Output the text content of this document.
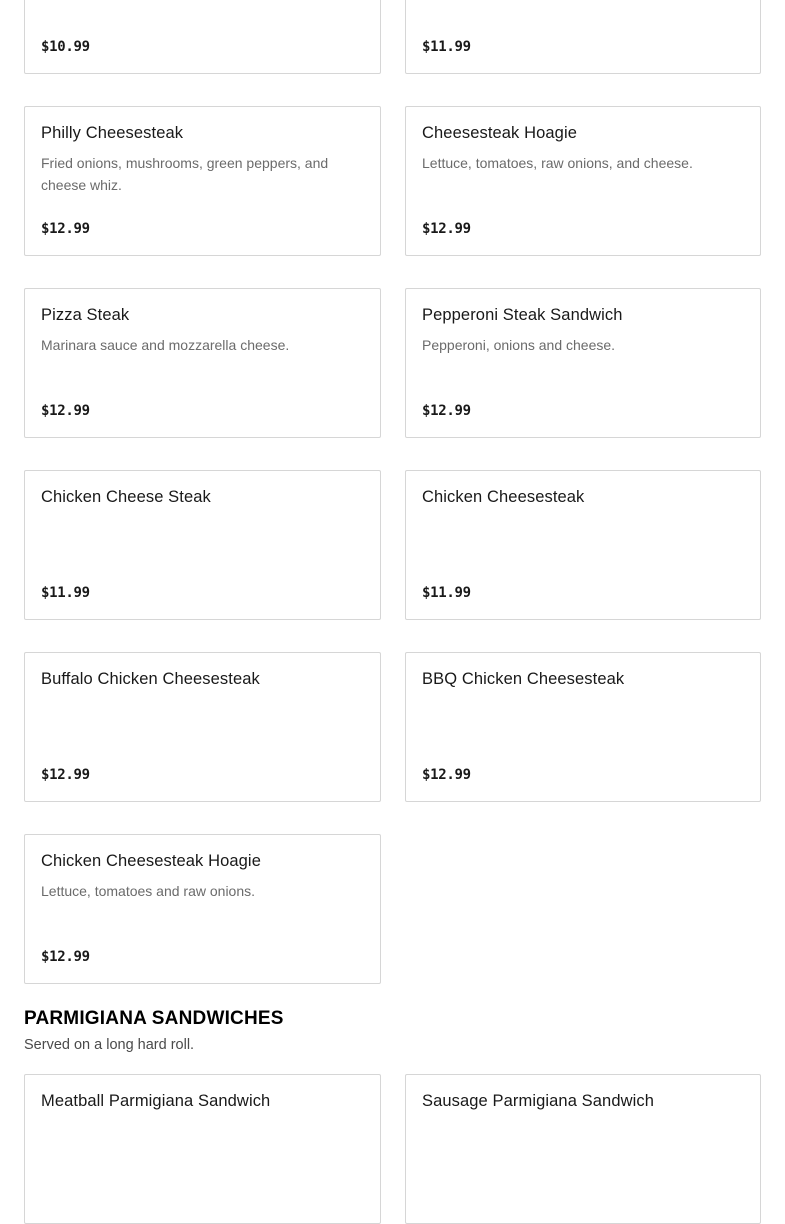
$10.99	$11.99
Philly Cheesesteak
Fried onions, mushrooms, green peppers, and cheese whiz.
$12.99
Cheesesteak Hoagie
Lettuce, tomatoes, raw onions, and cheese.
$12.99
Pizza Steak
Marinara sauce and mozzarella cheese.
$12.99
Pepperoni Steak Sandwich
Pepperoni, onions and cheese.
$12.99
Chicken Cheese Steak
$11.99
Chicken Cheesesteak
$11.99
Buffalo Chicken Cheesesteak
$12.99
BBQ Chicken Cheesesteak
$12.99
Chicken Cheesesteak Hoagie
Lettuce, tomatoes and raw onions.
$12.99
PARMIGIANA SANDWICHES
Served on a long hard roll.
Meatball Parmigiana Sandwich	Sausage Parmigiana Sandwich
